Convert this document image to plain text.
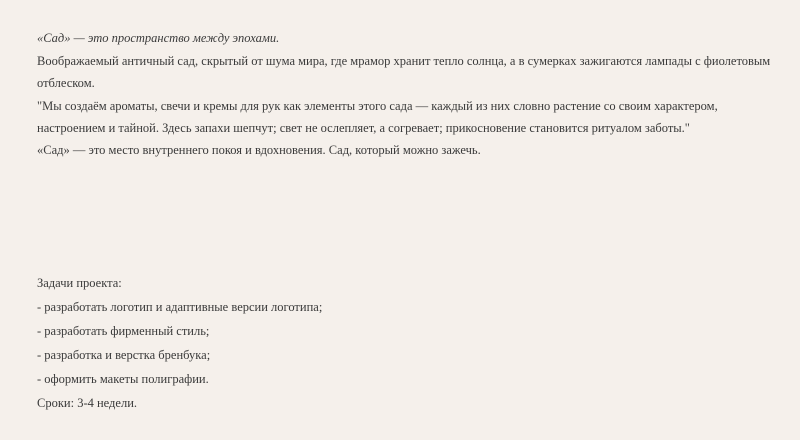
«Сад» — это пространство между эпохами.

Воображаемый античный сад, скрытый от шума мира, где мрамор хранит тепло солнца, а в сумерках зажигаются лампады с фиолетовым отблеском.

"Мы создаём ароматы, свечи и кремы для рук как элементы этого сада — каждый из них словно растение со своим характером, настроением и тайной. Здесь запахи шепчут; свет не ослепляет, а согревает; прикосновение становится ритуалом заботы."

«Сад» — это место внутреннего покоя и вдохновения. Сад, который можно зажечь.

Задачи проекта:

- разработать логотип и адаптивные версии логотипа;

- разработать фирменный стиль;

- разработка и верстка бренбука;

- оформить макеты полиграфии.

Сроки: 3-4 недели.
